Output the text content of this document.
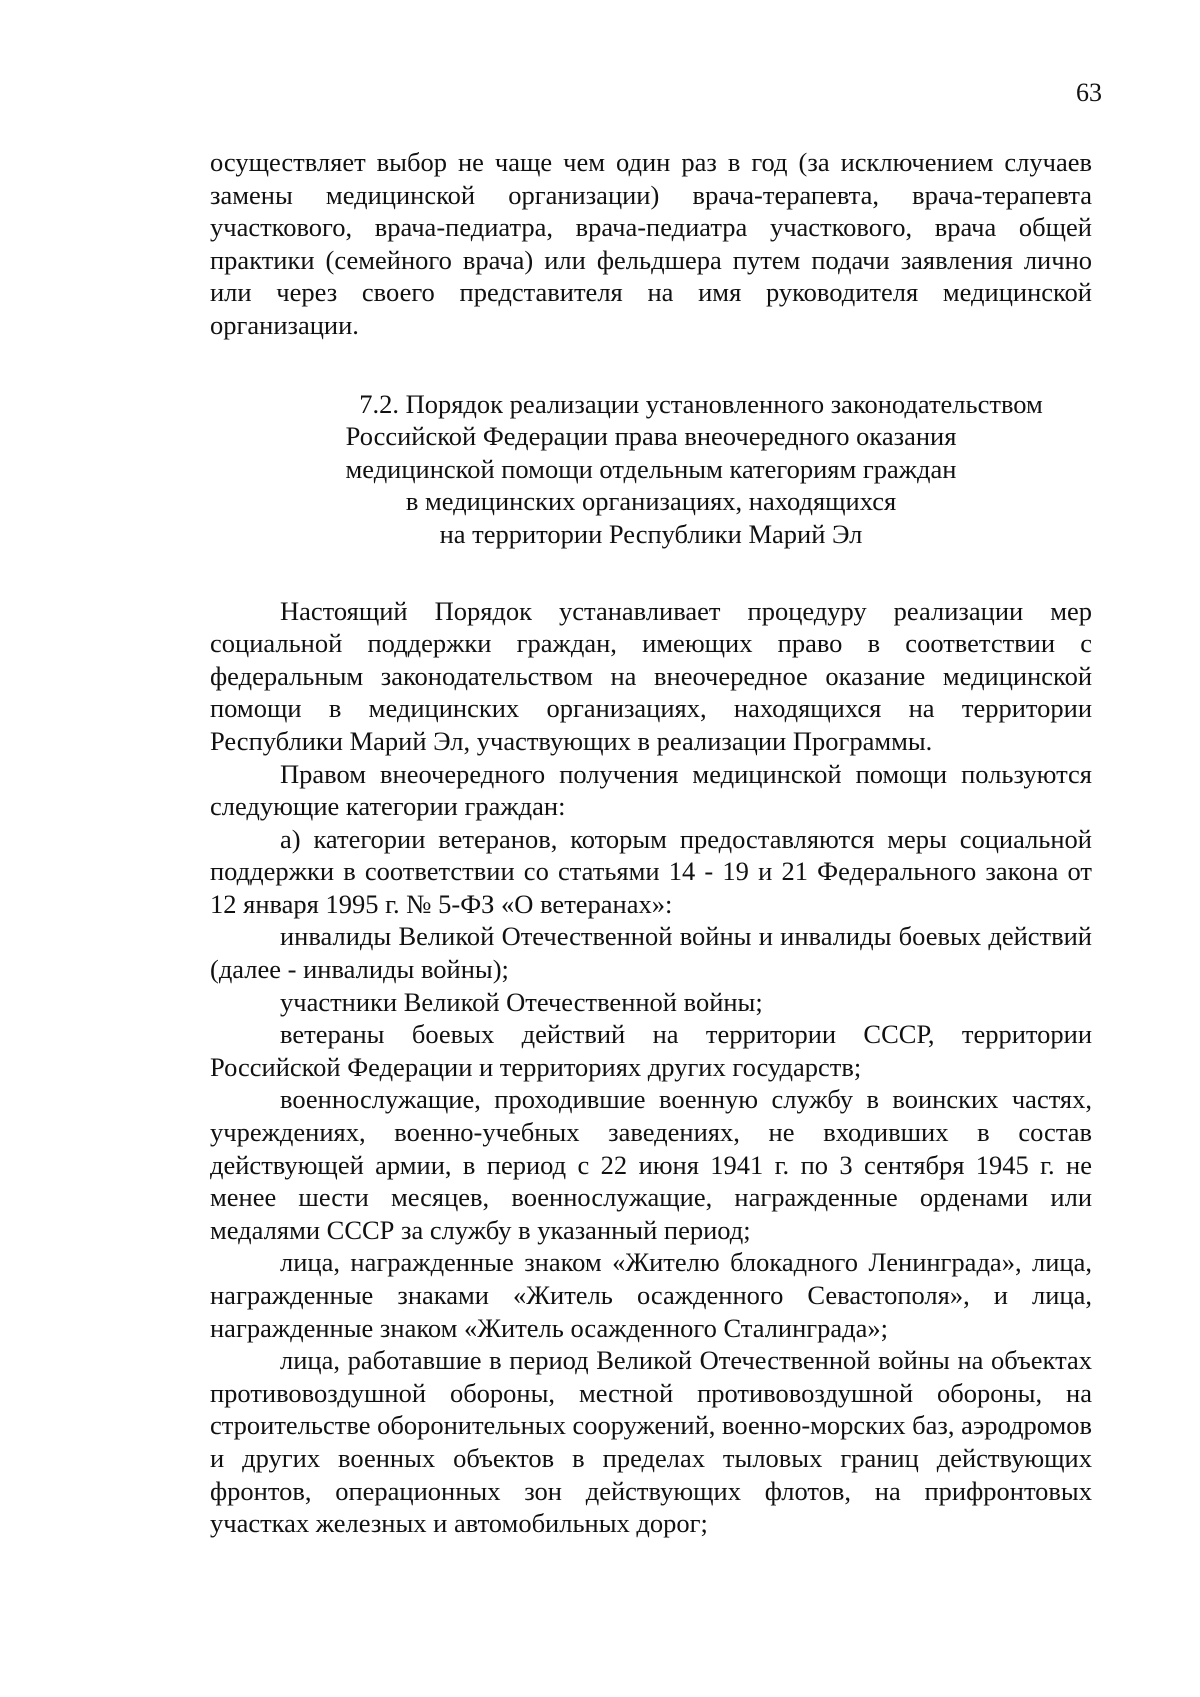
63

осуществляет выбор не чаще чем один раз в год (за исключением случаев замены медицинской организации) врача-терапевта, врача-терапевта участкового, врача-педиатра, врача-педиатра участкового, врача общей практики (семейного врача) или фельдшера путем подачи заявления лично или через своего представителя на имя руководителя медицинской организации.

7.2. Порядок реализации установленного законодательством
Российской Федерации права внеочередного оказания
медицинской помощи отдельным категориям граждан
в медицинских организациях, находящихся
на территории Республики Марий Эл

Настоящий Порядок устанавливает процедуру реализации мер социальной поддержки граждан, имеющих право в соответствии с федеральным законодательством на внеочередное оказание медицинской помощи в медицинских организациях, находящихся на территории Республики Марий Эл, участвующих в реализации Программы.

Правом внеочередного получения медицинской помощи пользуются следующие категории граждан:

а) категории ветеранов, которым предоставляются меры социальной поддержки в соответствии со статьями 14 - 19 и 21 Федерального закона от 12 января 1995 г. № 5-ФЗ «О ветеранах»:

инвалиды Великой Отечественной войны и инвалиды боевых действий (далее - инвалиды войны);

участники Великой Отечественной войны;

ветераны боевых действий на территории СССР, территории Российской Федерации и территориях других государств;

военнослужащие, проходившие военную службу в воинских частях, учреждениях, военно-учебных заведениях, не входивших в состав действующей армии, в период с 22 июня 1941 г. по 3 сентября 1945 г. не менее шести месяцев, военнослужащие, награжденные орденами или медалями СССР за службу в указанный период;

лица, награжденные знаком «Жителю блокадного Ленинграда», лица, награжденные знаками «Житель осажденного Севастополя», и лица, награжденные знаком «Житель осажденного Сталинграда»;

лица, работавшие в период Великой Отечественной войны на объектах противовоздушной обороны, местной противовоздушной обороны, на строительстве оборонительных сооружений, военно-морских баз, аэродромов и других военных объектов в пределах тыловых границ действующих фронтов, операционных зон действующих флотов, на прифронтовых участках железных и автомобильных дорог;
